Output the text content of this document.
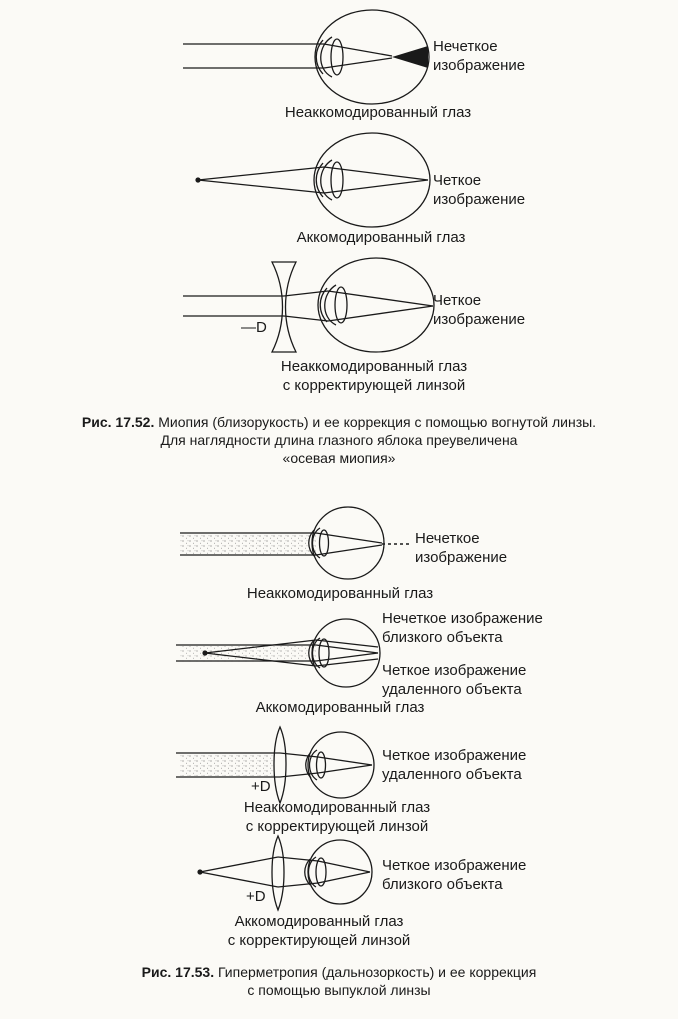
Нечеткое
изображение
Неаккомодированный глаз
Четкое
изображение
Аккомодированный глаз
—D
Четкое
изображение
Неаккомодированный глаз
с корректирующей линзой
Рис. 17.52. Миопия (близорукость) и ее коррекция с помощью вогнутой линзы.
Для наглядности длина глазного яблока преувеличена
«осевая миопия»
Нечеткое
изображение
Неаккомодированный глаз
Нечеткое изображение
близкого объекта
Четкое изображение
удаленного объекта
Аккомодированный глаз
+D
Четкое изображение
удаленного объекта
Неаккомодированный глаз
с корректирующей линзой
+D
Четкое изображение
близкого объекта
Аккомодированный глаз
с корректирующей линзой
Рис. 17.53. Гиперметропия (дальнозоркость) и ее коррекция
с помощью выпуклой линзы
